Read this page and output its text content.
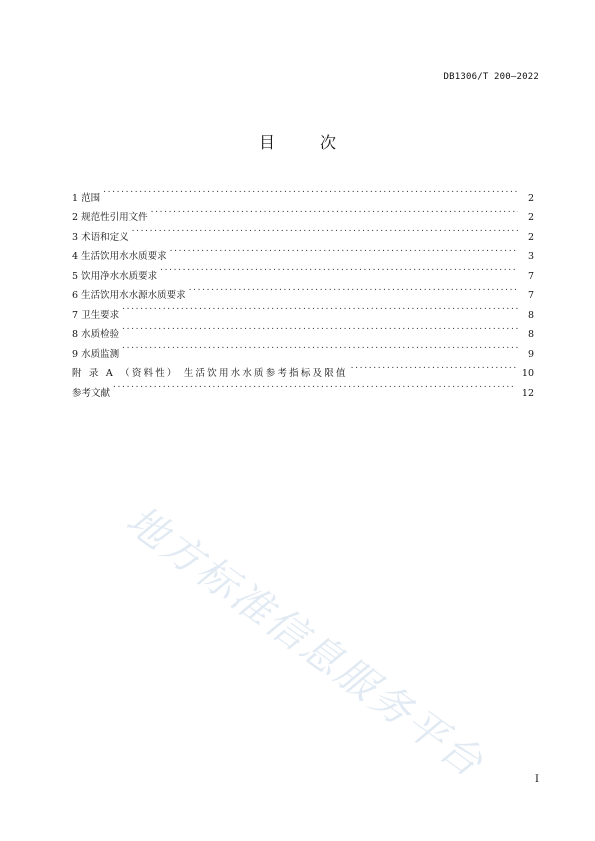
DB1306/T 200—2022
目 次
1 范围 . . .	2
2 规范性引用文件 . . .	2
3 术语和定义 . . .	2
4 生活饮用水水质要求 . . .	3
5 饮用净水水质要求 . . .	7
6 生活饮用水水源水质要求 . . .	7
7 卫生要求 . . .	8
8 水质检验 . . .	8
9 水质监测 . . .	9
附 录 A （资料性） 生活饮用水水质参考指标及限值 . . .	10
参考文献 . . .	12
地方标准信息服务平台	I
